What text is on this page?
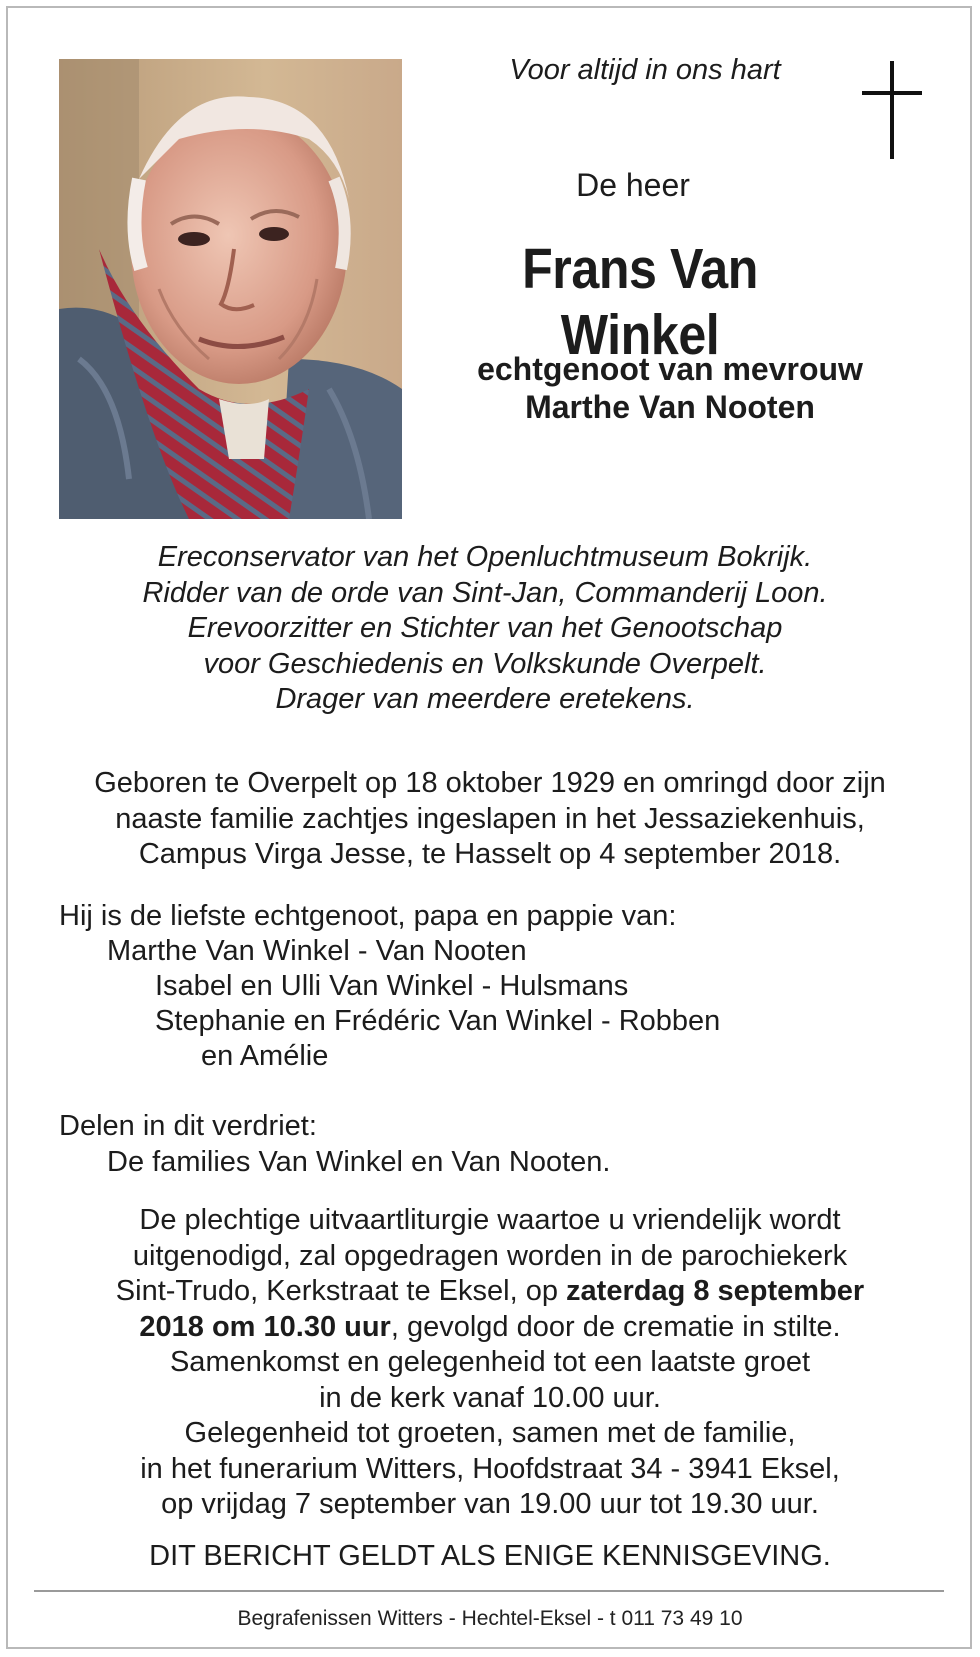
Voor altijd in ons hart
De heer
Frans Van Winkel
echtgenoot van mevrouw
Marthe Van Nooten
Ereconservator van het Openluchtmuseum Bokrijk.
Ridder van de orde van Sint-Jan, Commanderij Loon.
Erevoorzitter en Stichter van het Genootschap
voor Geschiedenis en Volkskunde Overpelt.
Drager van meerdere eretekens.
Geboren te Overpelt op 18 oktober 1929 en omringd door zijn
naaste familie zachtjes ingeslapen in het Jessaziekenhuis,
Campus Virga Jesse, te Hasselt op 4 september 2018.
Hij is de liefste echtgenoot, papa en pappie van:
Marthe Van Winkel - Van Nooten
Isabel en Ulli Van Winkel - Hulsmans
Stephanie en Frédéric Van Winkel - Robben
en Amélie
Delen in dit verdriet:
De families Van Winkel en Van Nooten.
De plechtige uitvaartliturgie waartoe u vriendelijk wordt
uitgenodigd, zal opgedragen worden in de parochiekerk
Sint-Trudo, Kerkstraat te Eksel, op zaterdag 8 september
2018 om 10.30 uur, gevolgd door de crematie in stilte.
Samenkomst en gelegenheid tot een laatste groet
in de kerk vanaf 10.00 uur.
Gelegenheid tot groeten, samen met de familie,
in het funerarium Witters, Hoofdstraat 34 - 3941 Eksel,
op vrijdag 7 september van 19.00 uur tot 19.30 uur.
DIT BERICHT GELDT ALS ENIGE KENNISGEVING.
Begrafenissen Witters - Hechtel-Eksel - t 011 73 49 10
